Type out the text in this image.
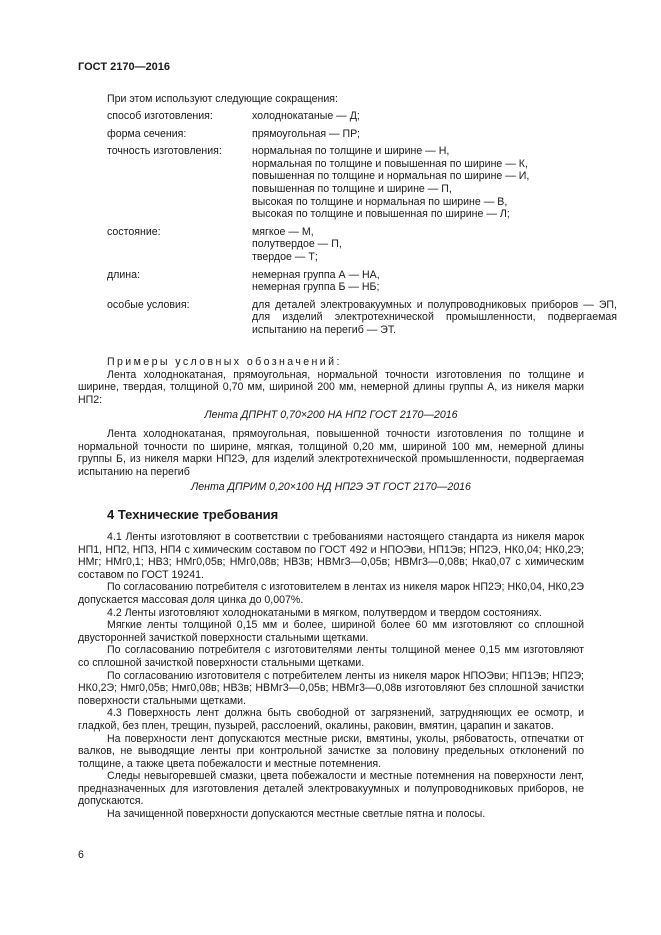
ГОСТ 2170—2016
При этом используют следующие сокращения:
способ изготовления:	холоднокатаные — Д;
форма сечения:	прямоугольная — ПР;
точность изготовления:	нормальная по толщине и ширине — Н,
нормальная по толщине и повышенная по ширине — К,
повышенная по толщине и нормальная по ширине — И,
повышенная по толщине и ширине — П,
высокая по толщине и нормальная по ширине — В,
высокая по толщине и повышенная по ширине — Л;
состояние:	мягкое — М,
полутвердое — П,
твердое — Т;
длина:	немерная группа А — НА,
немерная группа Б — НБ;
особые условия:	для деталей электровакуумных и полупроводниковых приборов — ЭП, для изделий электротехнической промышленности, подвергаемая испытанию на перегиб — ЭТ.

Примеры условных обозначений:

Лента холоднокатаная, прямоугольная, нормальной точности изготовления по толщине и ширине, твердая, толщиной 0,70 мм, шириной 200 мм, немерной длины группы А, из никеля марки НП2:

Лента ДПРНТ 0,70×200 НА НП2 ГОСТ 2170—2016

Лента холоднокатаная, прямоугольная, повышенной точности изготовления по толщине и нормальной точности по ширине, мягкая, толщиной 0,20 мм, шириной 100 мм, немерной длины группы Б, из никеля марки НП2Э, для изделий электротехнической промышленности, подвергаемая испытанию на перегиб

Лента ДПРИМ 0,20×100 НД НП2Э ЭТ ГОСТ 2170—2016
4 Технические требования

4.1 Ленты изготовляют в соответствии с требованиями настоящего стандарта из никеля марок НП1, НП2, НП3, НП4 с химическим составом по ГОСТ 492 и НПОЭви, НП1Эв; НП2Э, НК0,04; НК0,2Э; НМг; НМг0,1; НВ3; НМг0,05в; НМг0,08в; НВ3в; НВМг3—0,05в; НВМг3—0,08в; Нка0,07 с химическим составом по ГОСТ 19241.

По согласованию потребителя с изготовителем в лентах из никеля марок НП2Э; НК0,04, НК0,2Э допускается массовая доля цинка до 0,007%.

4.2 Ленты изготовляют холоднокатаными в мягком, полутвердом и твердом состояниях.

Мягкие ленты толщиной 0,15 мм и более, шириной более 60 мм изготовляют со сплошной двусторонней зачисткой поверхности стальными щетками.

По согласованию потребителя с изготовителями ленты толщиной менее 0,15 мм изготовляют со сплошной зачисткой поверхности стальными щетками.

По согласованию изготовителя с потребителем ленты из никеля марок НПОЭви; НП1Эв; НП2Э; НК0,2Э; Нмг0,05в; Нмг0,08в; НВ3в; НВМг3—0,05в; НВМг3—0,08в изготовляют без сплошной зачистки поверхности стальными щетками.

4.3 Поверхность лент должна быть свободной от загрязнений, затрудняющих ее осмотр, и гладкой, без плен, трещин, пузырей, расслоений, окалины, раковин, вмятин, царапин и закатов.

На поверхности лент допускаются местные риски, вмятины, уколы, рябоватость, отпечатки от валков, не выводящие ленты при контрольной зачистке за половину предельных отклонений по толщине, а также цвета побежалости и местные потемнения.

Следы невыгоревшей смазки, цвета побежалости и местные потемнения на поверхности лент, предназначенных для изготовления деталей электровакуумных и полупроводниковых приборов, не допускаются.

На зачищенной поверхности допускаются местные светлые пятна и полосы.

6
